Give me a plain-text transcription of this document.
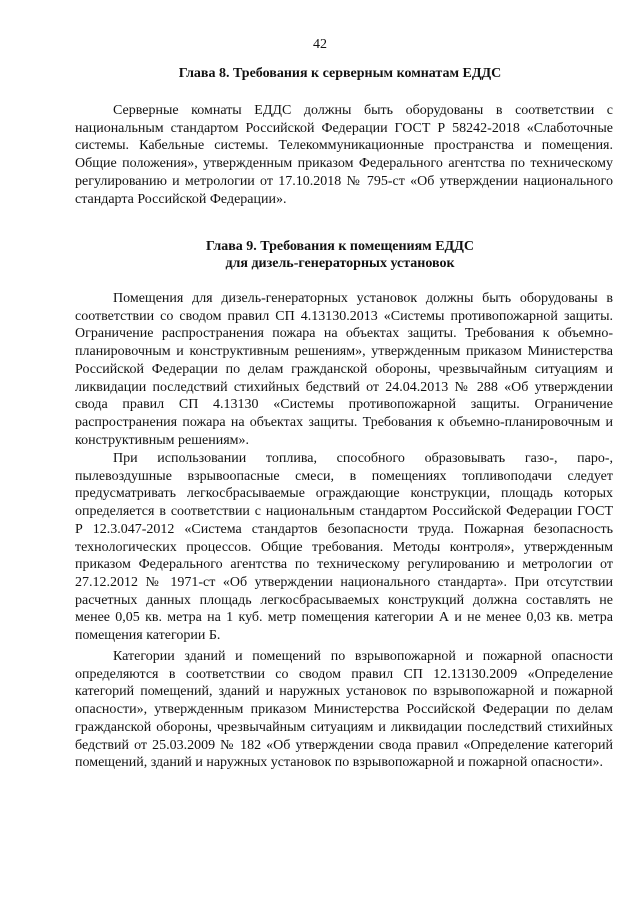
42
Глава 8. Требования к серверным комнатам ЕДДС

Серверные комнаты ЕДДС должны быть оборудованы в соответствии с национальным стандартом Российской Федерации ГОСТ Р 58242-2018 «Слаботочные системы. Кабельные системы. Телекоммуникационные пространства и помещения. Общие положения», утвержденным приказом Федерального агентства по техническому регулированию и метрологии от 17.10.2018 № 795-ст «Об утверждении национального стандарта Российской Федерации».

Глава 9. Требования к помещениям ЕДДС
для дизель-генераторных установок

Помещения для дизель-генераторных установок должны быть оборудованы в соответствии со сводом правил СП 4.13130.2013 «Системы противопожарной защиты. Ограничение распространения пожара на объектах защиты. Требования к объемно-планировочным и конструктивным решениям», утвержденным приказом Министерства Российской Федерации по делам гражданской обороны, чрезвычайным ситуациям и ликвидации последствий стихийных бедствий от 24.04.2013 № 288 «Об утверждении свода правил СП 4.13130 «Системы противопожарной защиты. Ограничение распространения пожара на объектах защиты. Требования к объемно-планировочным и конструктивным решениям».

При использовании топлива, способного образовывать газо-, паро-, пылевоздушные взрывоопасные смеси, в помещениях топливоподачи следует предусматривать легкосбрасываемые ограждающие конструкции, площадь которых определяется в соответствии с национальным стандартом Российской Федерации ГОСТ Р 12.3.047-2012 «Система стандартов безопасности труда. Пожарная безопасность технологических процессов. Общие требования. Методы контроля», утвержденным приказом Федерального агентства по техническому регулированию и метрологии от 27.12.2012 № 1971-ст «Об утверждении национального стандарта». При отсутствии расчетных данных площадь легкосбрасываемых конструкций должна составлять не менее 0,05 кв. метра на 1 куб. метр помещения категории А и не менее 0,03 кв. метра помещения категории Б.

Категории зданий и помещений по взрывопожарной и пожарной опасности определяются в соответствии со сводом правил СП 12.13130.2009 «Определение категорий помещений, зданий и наружных установок по взрывопожарной и пожарной опасности», утвержденным приказом Министерства Российской Федерации по делам гражданской обороны, чрезвычайным ситуациям и ликвидации последствий стихийных бедствий от 25.03.2009 № 182 «Об утверждении свода правил «Определение категорий помещений, зданий и наружных установок по взрывопожарной и пожарной опасности».
